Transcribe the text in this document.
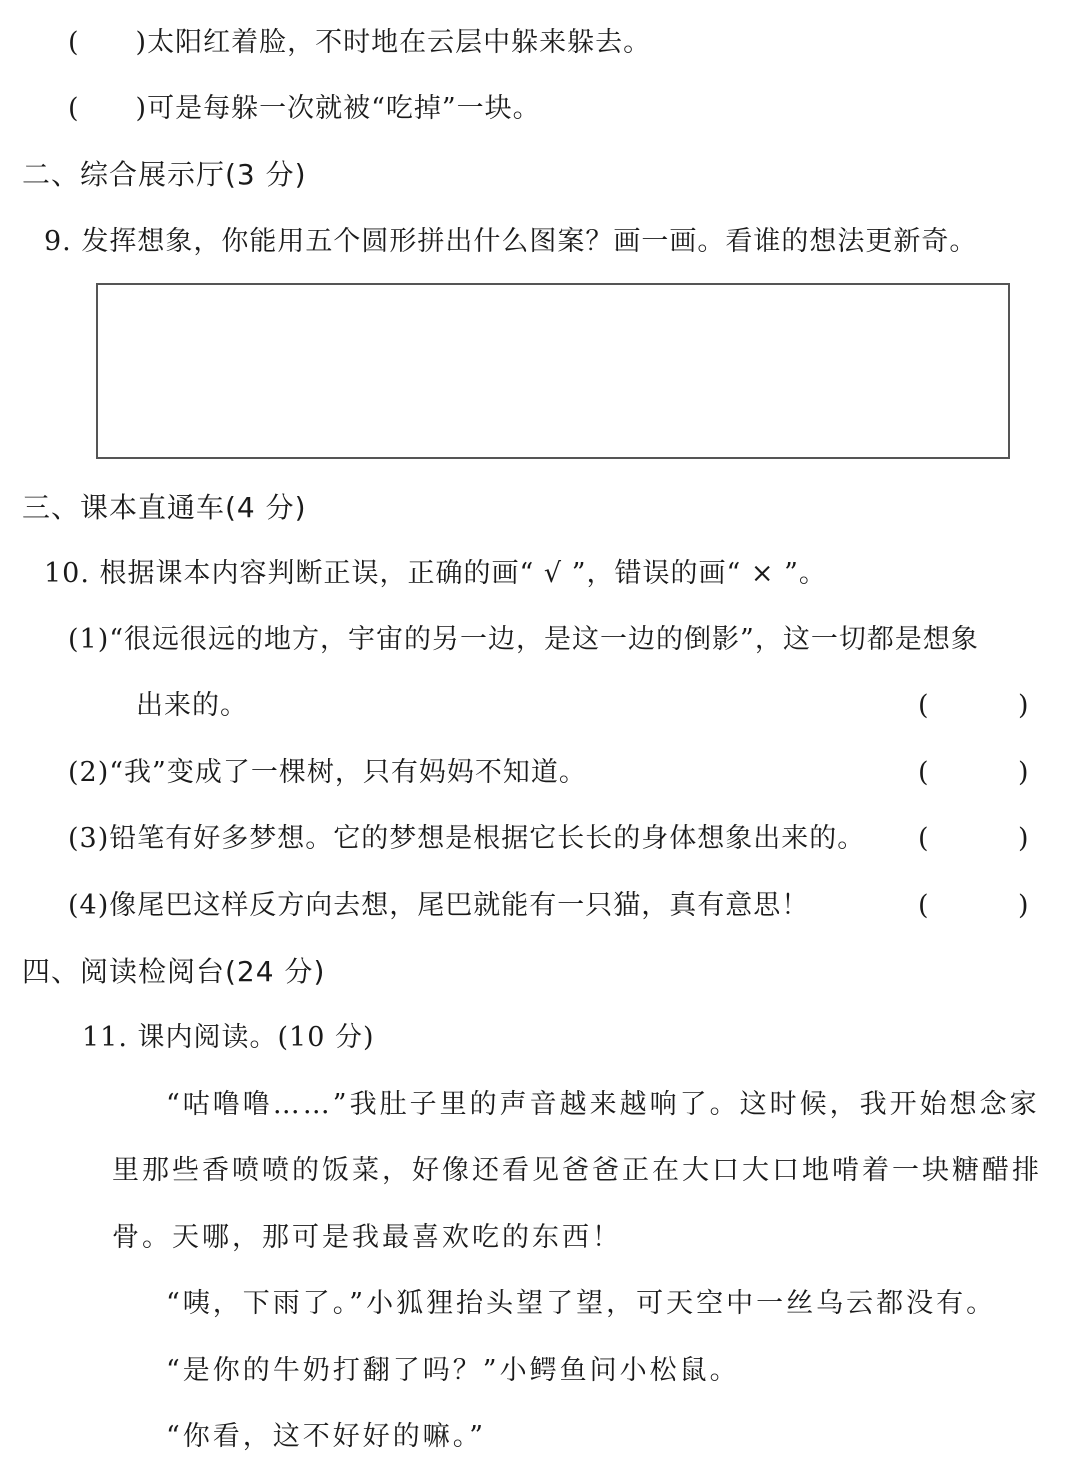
(　　)太阳红着脸，不时地在云层中躲来躲去。
(　　)可是每躲一次就被“吃掉”一块。
二、综合展示厅(3 分)
9. 发挥想象，你能用五个圆形拼出什么图案？画一画。看谁的想法更新奇。
三、课本直通车(4 分)
10. 根据课本内容判断正误，正确的画“ √ ”，错误的画“ × ”。
(1)“很远很远的地方，宇宙的另一边，是这一边的倒影”，这一切都是想象
出来的。	(	)
(2)“我”变成了一棵树，只有妈妈不知道。	(	)
(3)铅笔有好多梦想。它的梦想是根据它长长的身体想象出来的。 (	)
(4)像尾巴这样反方向去想，尾巴就能有一只猫，真有意思！	(	)
四、阅读检阅台(24 分)
11. 课内阅读。(10 分)
“咕噜噜……”我肚子里的声音越来越响了。这时候，我开始想念家
里那些香喷喷的饭菜，好像还看见爸爸正在大口大口地啃着一块糖醋排
骨。天哪，那可是我最喜欢吃的东西！
“咦，下雨了。”小狐狸抬头望了望，可天空中一丝乌云都没有。
“是你的牛奶打翻了吗？”小鳄鱼问小松鼠。
“你看，这不好好的嘛。”
